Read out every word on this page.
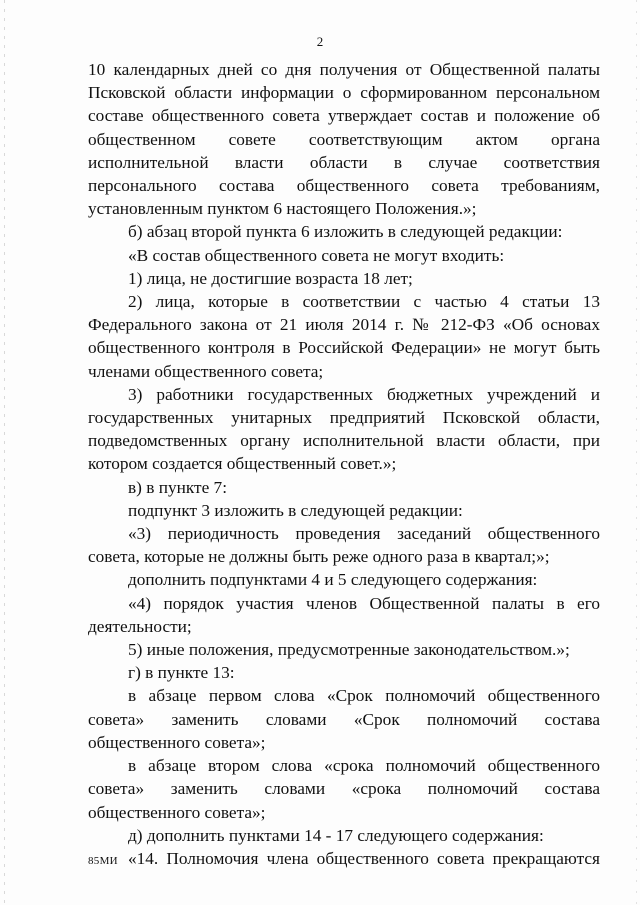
2

10 календарных дней со дня получения от Общественной палаты Псковской области информации о сформированном персональном составе общественного совета утверждает состав и положение об общественном совете соответствующим актом органа исполнительной власти области в случае соответствия персонального состава общественного совета требованиям, установленным пунктом 6 настоящего Положения.»;

б) абзац второй пункта 6 изложить в следующей редакции:

«В состав общественного совета не могут входить:

1) лица, не достигшие возраста 18 лет;

2) лица, которые в соответствии с частью 4 статьи 13 Федерального закона от 21 июля 2014 г. № 212-ФЗ «Об основах общественного контроля в Российской Федерации» не могут быть членами общественного совета;

3) работники государственных бюджетных учреждений и государственных унитарных предприятий Псковской области, подведомственных органу исполнительной власти области, при котором создается общественный совет.»;

в) в пункте 7:

подпункт 3 изложить в следующей редакции:

«3) периодичность проведения заседаний общественного совета, которые не должны быть реже одного раза в квартал;»;

дополнить подпунктами 4 и 5 следующего содержания:

«4) порядок участия членов Общественной палаты в его деятельности;

5) иные положения, предусмотренные законодательством.»;

г) в пункте 13:

в абзаце первом слова «Срок полномочий общественного совета» заменить словами «Срок полномочий состава общественного совета»;

в абзаце втором слова «срока полномочий общественного совета» заменить словами «срока полномочий состава общественного совета»;

д) дополнить пунктами 14 - 17 следующего содержания:

«14. Полномочия члена общественного совета прекращаются

85МИ
